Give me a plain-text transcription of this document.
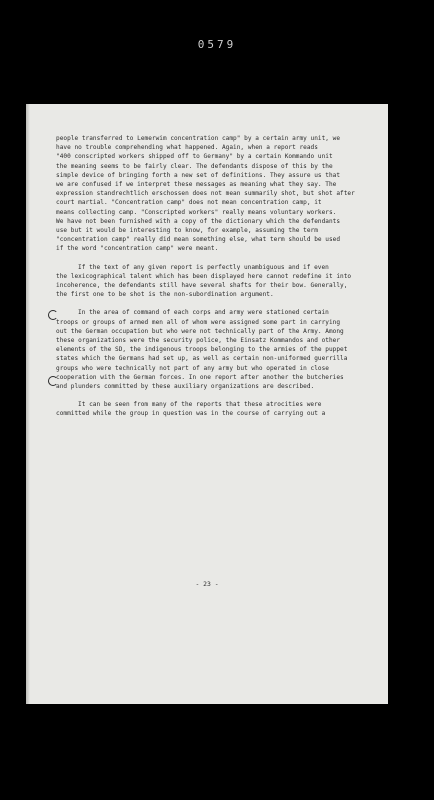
0579
people transferred to Lemerwim concentration camp" by a certain army unit, we
have no trouble comprehending what happened. Again, when a report reads
"400 conscripted workers shipped off to Germany" by a certain Kommando unit
the meaning seems to be fairly clear. The defendants dispose of this by the
simple device of bringing forth a new set of definitions. They assure us that
we are confused if we interpret these messages as meaning what they say. The
expression standrechtlich erschossen does not mean summarily shot, but shot after
court martial. "Concentration camp" does not mean concentration camp, it
means collecting camp. "Conscripted workers" really means voluntary workers.
We have not been furnished with a copy of the dictionary which the defendants
use but it would be interesting to know, for example, assuming the term
"concentration camp" really did mean something else, what term should be used
if the word "concentration camp" were meant.
If the text of any given report is perfectly unambiguous and if even
the lexicographical talent which has been displayed here cannot redefine it into
incoherence, the defendants still have several shafts for their bow. Generally,
the first one to be shot is the non-subordination argument.
In the area of command of each corps and army were stationed certain
troops or groups of armed men all of whom were assigned some part in carrying
out the German occupation but who were not technically part of the Army. Among
these organizations were the security police, the Einsatz Kommandos and other
elements of the SD, the indigenous troops belonging to the armies of the puppet
states which the Germans had set up, as well as certain non-uniformed guerrilla
groups who were technically not part of any army but who operated in close
cooperation with the German forces. In one report after another the butcheries
and plunders committed by these auxiliary organizations are described.
It can be seen from many of the reports that these atrocities were
committed while the group in question was in the course of carrying out a
- 23 -
